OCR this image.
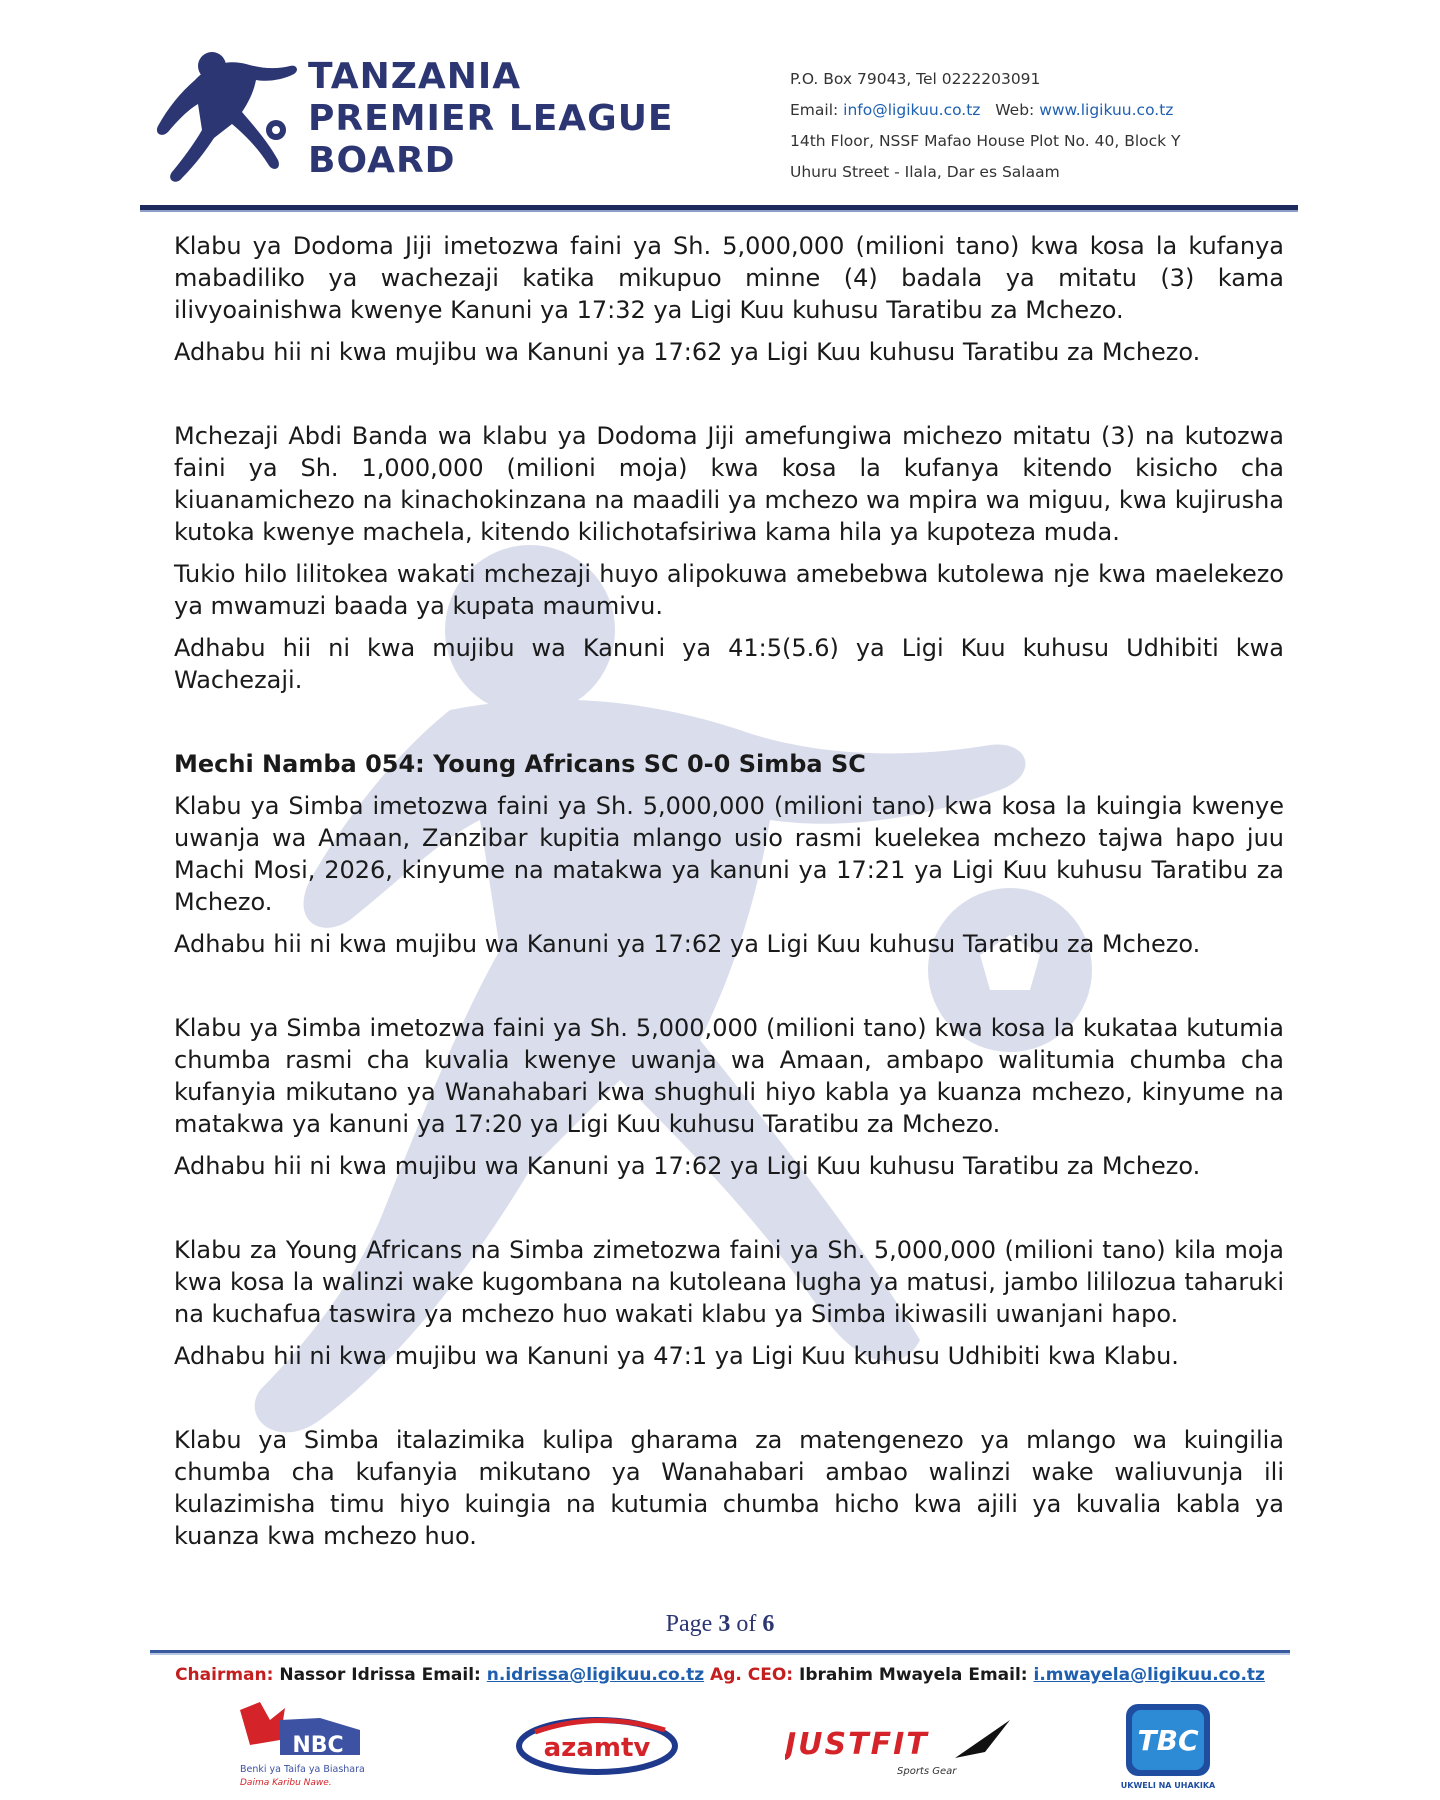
TANZANIA
PREMIER LEAGUE
BOARD
P.O. Box 79043, Tel 0222203091
Email: info@ligikuu.co.tz Web: www.ligikuu.co.tz
14th Floor, NSSF Mafao House Plot No. 40, Block Y
Uhuru Street - Ilala, Dar es Salaam

Klabu ya Dodoma Jiji imetozwa faini ya Sh. 5,000,000 (milioni tano) kwa kosa la kufanya mabadiliko ya wachezaji katika mikupuo minne (4) badala ya mitatu (3) kama ilivyoainishwa kwenye Kanuni ya 17:32 ya Ligi Kuu kuhusu Taratibu za Mchezo.

Adhabu hii ni kwa mujibu wa Kanuni ya 17:62 ya Ligi Kuu kuhusu Taratibu za Mchezo.

Mchezaji Abdi Banda wa klabu ya Dodoma Jiji amefungiwa michezo mitatu (3) na kutozwa faini ya Sh. 1,000,000 (milioni moja) kwa kosa la kufanya kitendo kisicho cha kiuanamichezo na kinachokinzana na maadili ya mchezo wa mpira wa miguu, kwa kujirusha kutoka kwenye machela, kitendo kilichotafsiriwa kama hila ya kupoteza muda.

Tukio hilo lilitokea wakati mchezaji huyo alipokuwa amebebwa kutolewa nje kwa maelekezo ya mwamuzi baada ya kupata maumivu.

Adhabu hii ni kwa mujibu wa Kanuni ya 41:5(5.6) ya Ligi Kuu kuhusu Udhibiti kwa Wachezaji.

Mechi Namba 054: Young Africans SC 0-0 Simba SC

Klabu ya Simba imetozwa faini ya Sh. 5,000,000 (milioni tano) kwa kosa la kuingia kwenye uwanja wa Amaan, Zanzibar kupitia mlango usio rasmi kuelekea mchezo tajwa hapo juu Machi Mosi, 2026, kinyume na matakwa ya kanuni ya 17:21 ya Ligi Kuu kuhusu Taratibu za Mchezo.

Adhabu hii ni kwa mujibu wa Kanuni ya 17:62 ya Ligi Kuu kuhusu Taratibu za Mchezo.

Klabu ya Simba imetozwa faini ya Sh. 5,000,000 (milioni tano) kwa kosa la kukataa kutumia chumba rasmi cha kuvalia kwenye uwanja wa Amaan, ambapo walitumia chumba cha kufanyia mikutano ya Wanahabari kwa shughuli hiyo kabla ya kuanza mchezo, kinyume na matakwa ya kanuni ya 17:20 ya Ligi Kuu kuhusu Taratibu za Mchezo.

Adhabu hii ni kwa mujibu wa Kanuni ya 17:62 ya Ligi Kuu kuhusu Taratibu za Mchezo.

Klabu za Young Africans na Simba zimetozwa faini ya Sh. 5,000,000 (milioni tano) kila moja kwa kosa la walinzi wake kugombana na kutoleana lugha ya matusi, jambo lililozua taharuki na kuchafua taswira ya mchezo huo wakati klabu ya Simba ikiwasili uwanjani hapo.

Adhabu hii ni kwa mujibu wa Kanuni ya 47:1 ya Ligi Kuu kuhusu Udhibiti kwa Klabu.

Klabu ya Simba italazimika kulipa gharama za matengenezo ya mlango wa kuingilia chumba cha kufanyia mikutano ya Wanahabari ambao walinzi wake waliuvunja ili kulazimisha timu hiyo kuingia na kutumia chumba hicho kwa ajili ya kuvalia kabla ya kuanza kwa mchezo huo.

Page 3 of 6
Chairman: Nassor Idrissa Email: n.idrissa@ligikuu.co.tz Ag. CEO: Ibrahim Mwayela Email: i.mwayela@ligikuu.co.tz
NBC
Benki ya Taifa ya Biashara
Daima Karibu Nawe.
azamtv	JUSTFIT
Sports Gear
TBC
UKWELI NA UHAKIKA
